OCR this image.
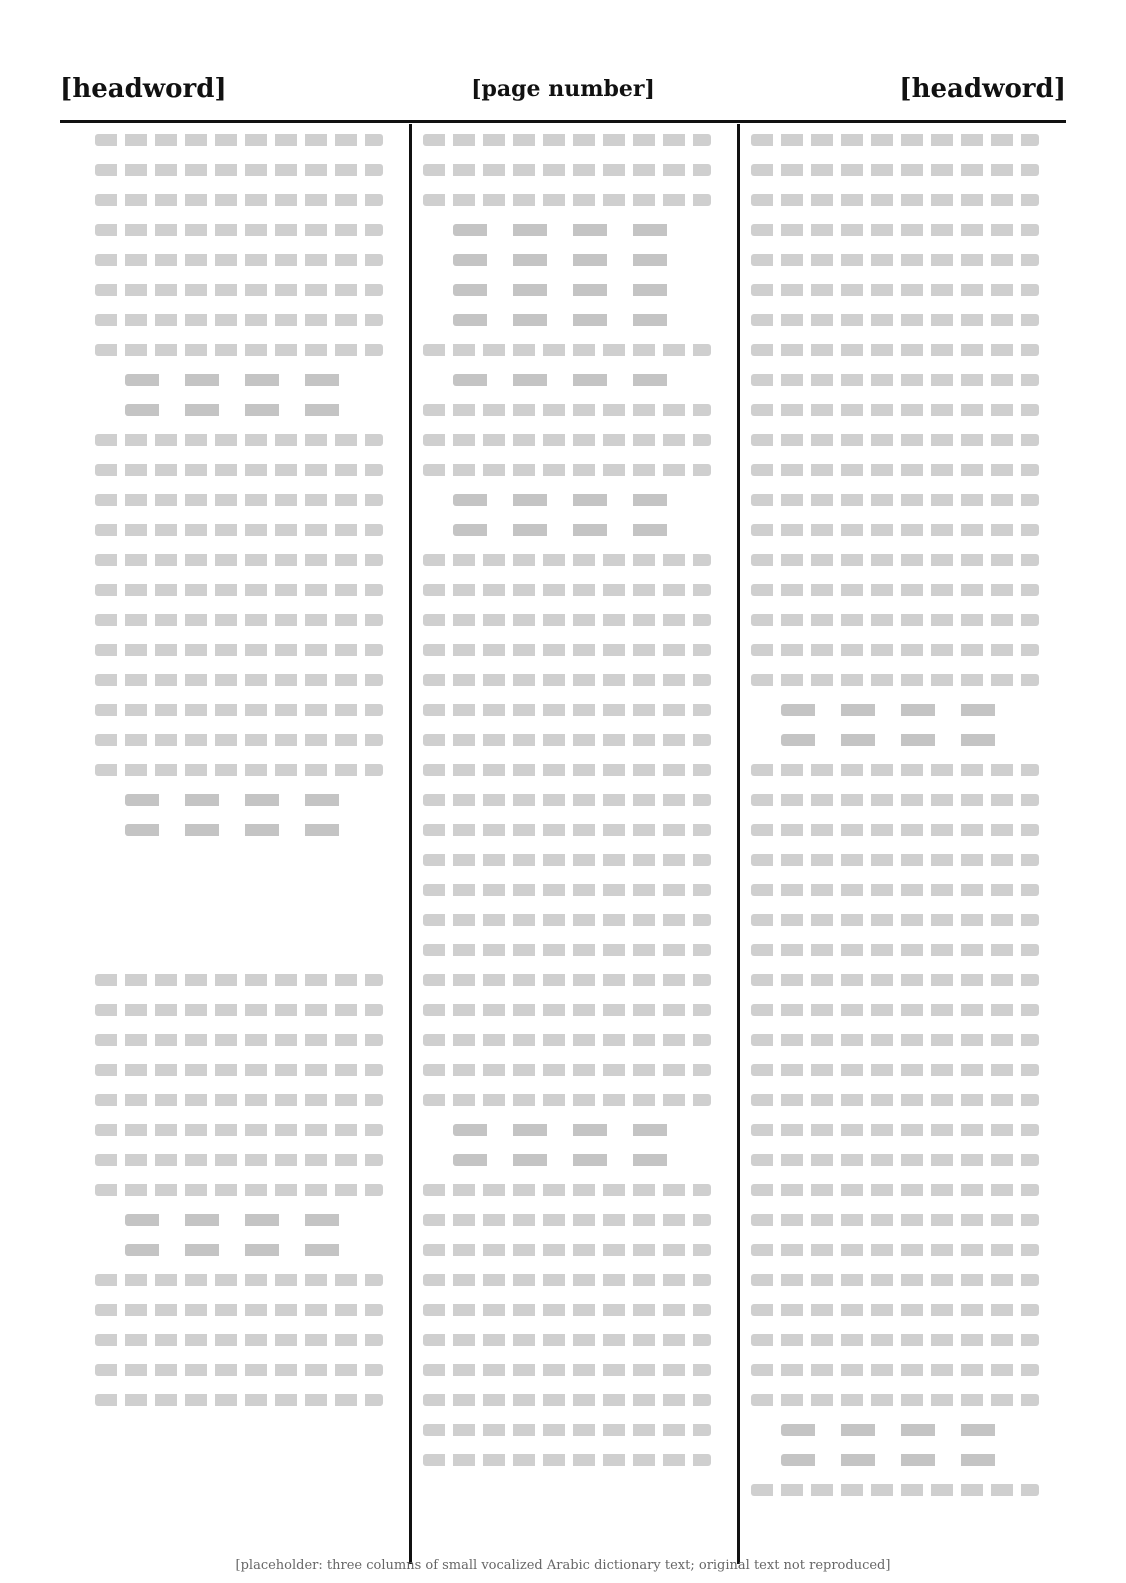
[headword]
[page number]
[headword]
[placeholder: three columns of small vocalized Arabic dictionary text; original text not reproduced]
